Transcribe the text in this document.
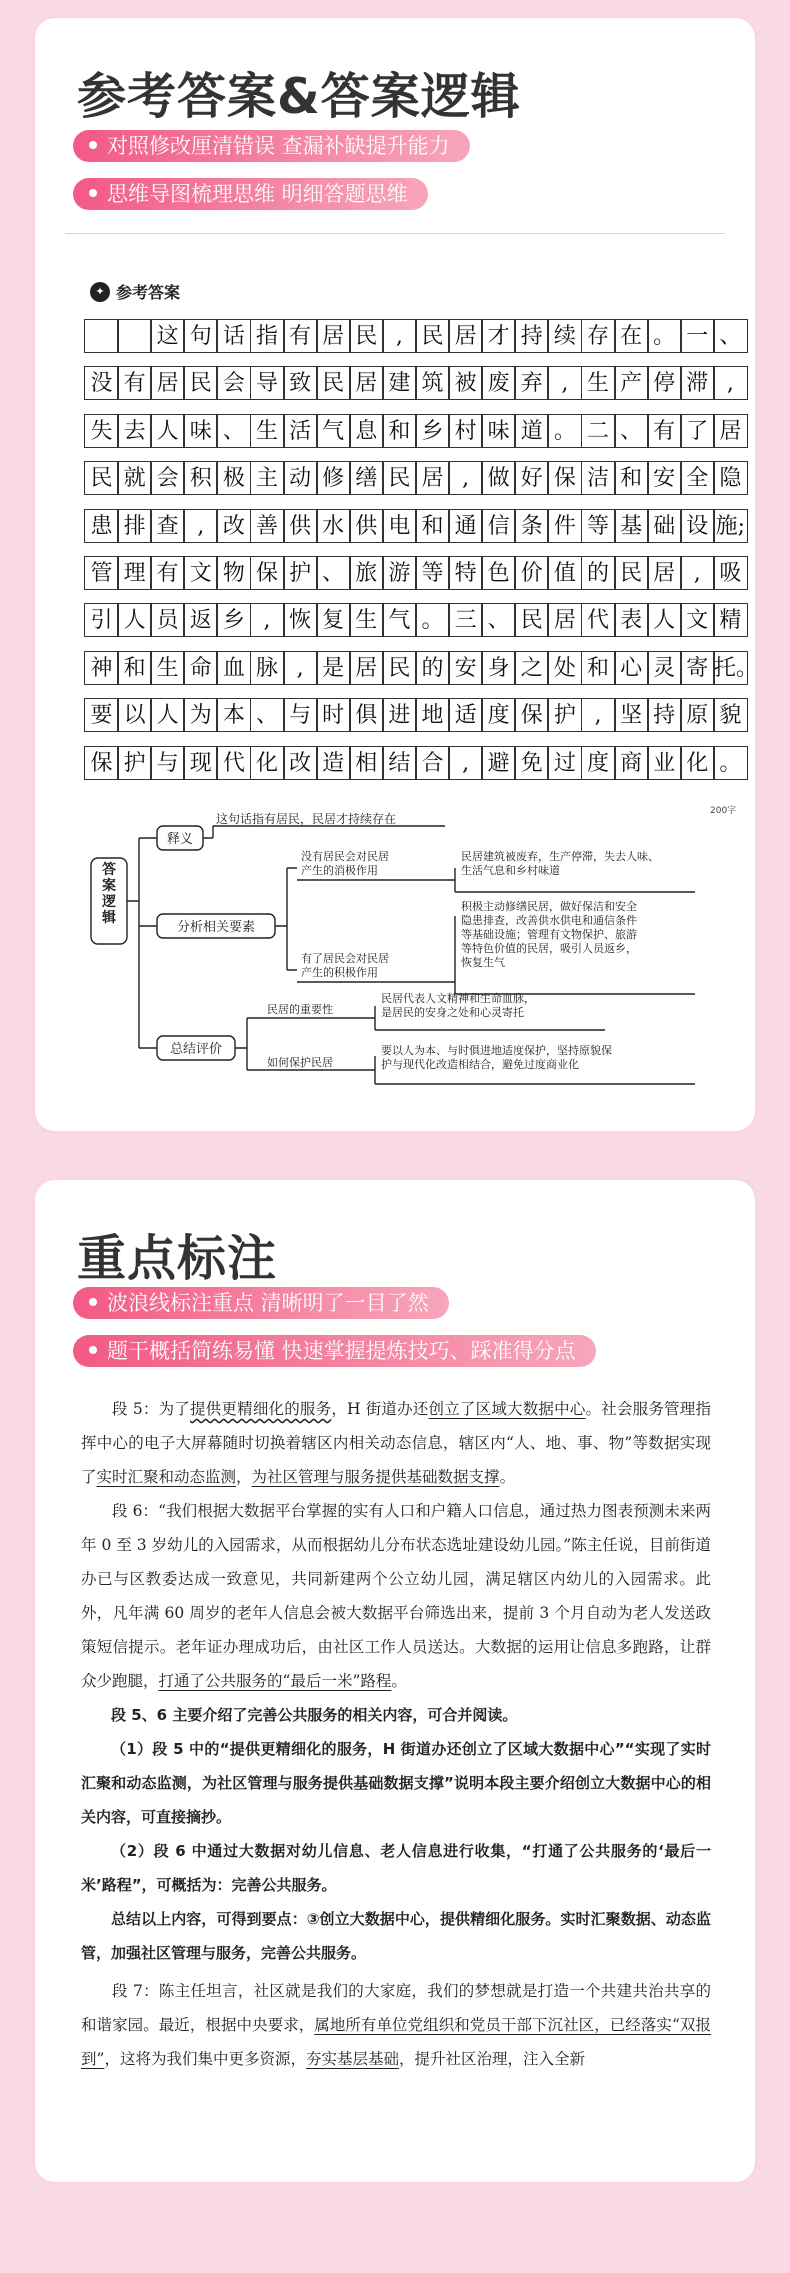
参考答案&答案逻辑
对照修改厘清错误 查漏补缺提升能力
思维导图梳理思维 明细答题思维
✦ 参考答案
这 句 话 指 有 居 民 , 民 居 才 持 续 存 在 。 一 、
没 有 居 民 会 导 致 民 居 建 筑 被 废 弃 , 生 产 停 滞 ,
失 去 人 味 、 生 活 气 息 和 乡 村 味 道 。 二 、 有 了 居
民 就 会 积 极 主 动 修 缮 民 居 , 做 好 保 洁 和 安 全 隐
患 排 查 , 改 善 供 水 供 电 和 通 信 条 件 等 基 础 设 施;
管 理 有 文 物 保 护 、 旅 游 等 特 色 价 值 的 民 居 , 吸
引 人 员 返 乡 , 恢 复 生 气 。 三 、 民 居 代 表 人 文 精
神 和 生 命 血 脉 , 是 居 民 的 安 身 之 处 和 心 灵 寄 托。
要 以 人 为 本 、 与 时 俱 进 地 适 度 保 护 , 坚 持 原 貌
保 护 与 现 代 化 改 造 相 结 合 , 避 免 过 度 商 业 化 。
200字
答案逻辑
释义
这句话指有居民，民居才持续存在
分析相关要素
没有居民会对民居产生的消极作用
民居建筑被废弃，生产停滞，失去人味、生活气息和乡村味道
有了居民会对民居产生的积极作用
积极主动修缮民居，做好保洁和安全隐患排查，改善供水供电和通信条件等基础设施；管理有文物保护、旅游等特色价值的民居，吸引人员返乡，恢复生气
总结评价
民居的重要性
民居代表人文精神和生命血脉，是居民的安身之处和心灵寄托
如何保护民居
要以人为本、与时俱进地适度保护，坚持原貌保护与现代化改造相结合，避免过度商业化
重点标注
波浪线标注重点 清晰明了一目了然
题干概括简练易懂 快速掌握提炼技巧、踩准得分点

段 5：为了提供更精细化的服务，H 街道办还创立了区域大数据中心。社会服务管理指挥中心的电子大屏幕随时切换着辖区内相关动态信息，辖区内“人、地、事、物”等数据实现了实时汇聚和动态监测，为社区管理与服务提供基础数据支撑。

段 6：“我们根据大数据平台掌握的实有人口和户籍人口信息，通过热力图表预测未来两年 0 至 3 岁幼儿的入园需求，从而根据幼儿分布状态选址建设幼儿园。”陈主任说，目前街道办已与区教委达成一致意见，共同新建两个公立幼儿园，满足辖区内幼儿的入园需求。此外，凡年满 60 周岁的老年人信息会被大数据平台筛选出来，提前 3 个月自动为老人发送政策短信提示。老年证办理成功后，由社区工作人员送达。大数据的运用让信息多跑路，让群众少跑腿，打通了公共服务的“最后一米”路程。

段 5、6 主要介绍了完善公共服务的相关内容，可合并阅读。

（1）段 5 中的“提供更精细化的服务，H 街道办还创立了区域大数据中心”“实现了实时汇聚和动态监测，为社区管理与服务提供基础数据支撑”说明本段主要介绍创立大数据中心的相关内容，可直接摘抄。

（2）段 6 中通过大数据对幼儿信息、老人信息进行收集，“打通了公共服务的‘最后一米’路程”，可概括为：完善公共服务。

总结以上内容，可得到要点：③创立大数据中心，提供精细化服务。实时汇聚数据、动态监管，加强社区管理与服务，完善公共服务。

段 7：陈主任坦言，社区就是我们的大家庭，我们的梦想就是打造一个共建共治共享的和谐家园。最近，根据中央要求，属地所有单位党组织和党员干部下沉社区，已经落实“双报到”，这将为我们集中更多资源，夯实基层基础，提升社区治理，注入全新
